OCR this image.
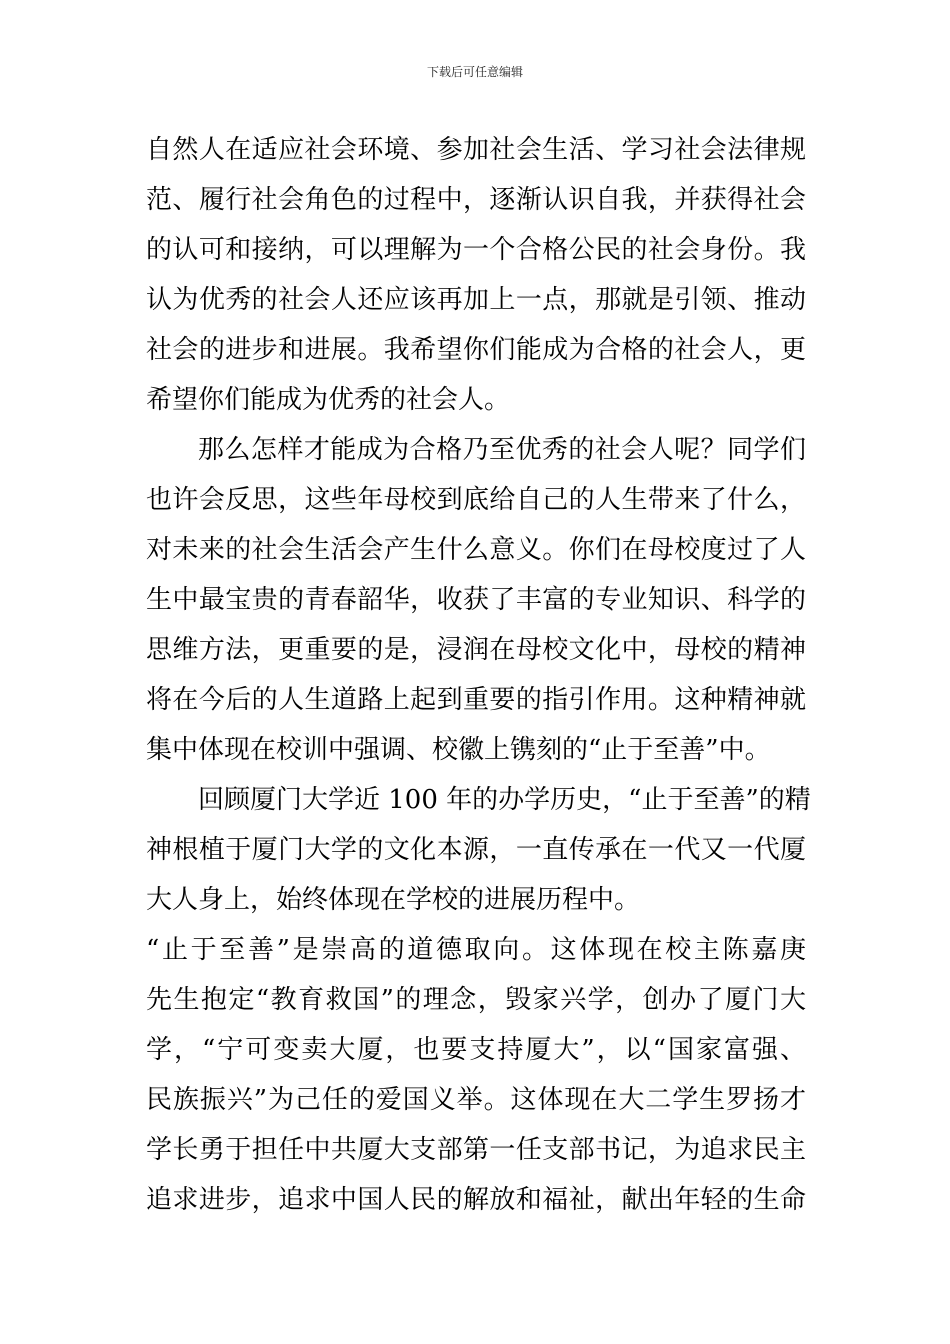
下载后可任意编辑
自然人在适应社会环境、参加社会生活、学习社会法律规
范、履行社会角色的过程中，逐渐认识自我，并获得社会
的认可和接纳，可以理解为一个合格公民的社会身份。我
认为优秀的社会人还应该再加上一点，那就是引领、推动
社会的进步和进展。我希望你们能成为合格的社会人，更
希望你们能成为优秀的社会人。
那么怎样才能成为合格乃至优秀的社会人呢？同学们
也许会反思，这些年母校到底给自己的人生带来了什么，
对未来的社会生活会产生什么意义。你们在母校度过了人
生中最宝贵的青春韶华，收获了丰富的专业知识、科学的
思维方法，更重要的是，浸润在母校文化中，母校的精神
将在今后的人生道路上起到重要的指引作用。这种精神就
集中体现在校训中强调、校徽上镌刻的“止于至善”中。
回顾厦门大学近 100 年的办学历史，“止于至善”的精
神根植于厦门大学的文化本源，一直传承在一代又一代厦
大人身上，始终体现在学校的进展历程中。
“止于至善”是崇高的道德取向。这体现在校主陈嘉庚
先生抱定“教育救国”的理念，毁家兴学，创办了厦门大
学，“宁可变卖大厦，也要支持厦大”，以“国家富强、
民族振兴”为己任的爱国义举。这体现在大二学生罗扬才
学长勇于担任中共厦大支部第一任支部书记，为追求民主
追求进步，追求中国人民的解放和福祉，献出年轻的生命
